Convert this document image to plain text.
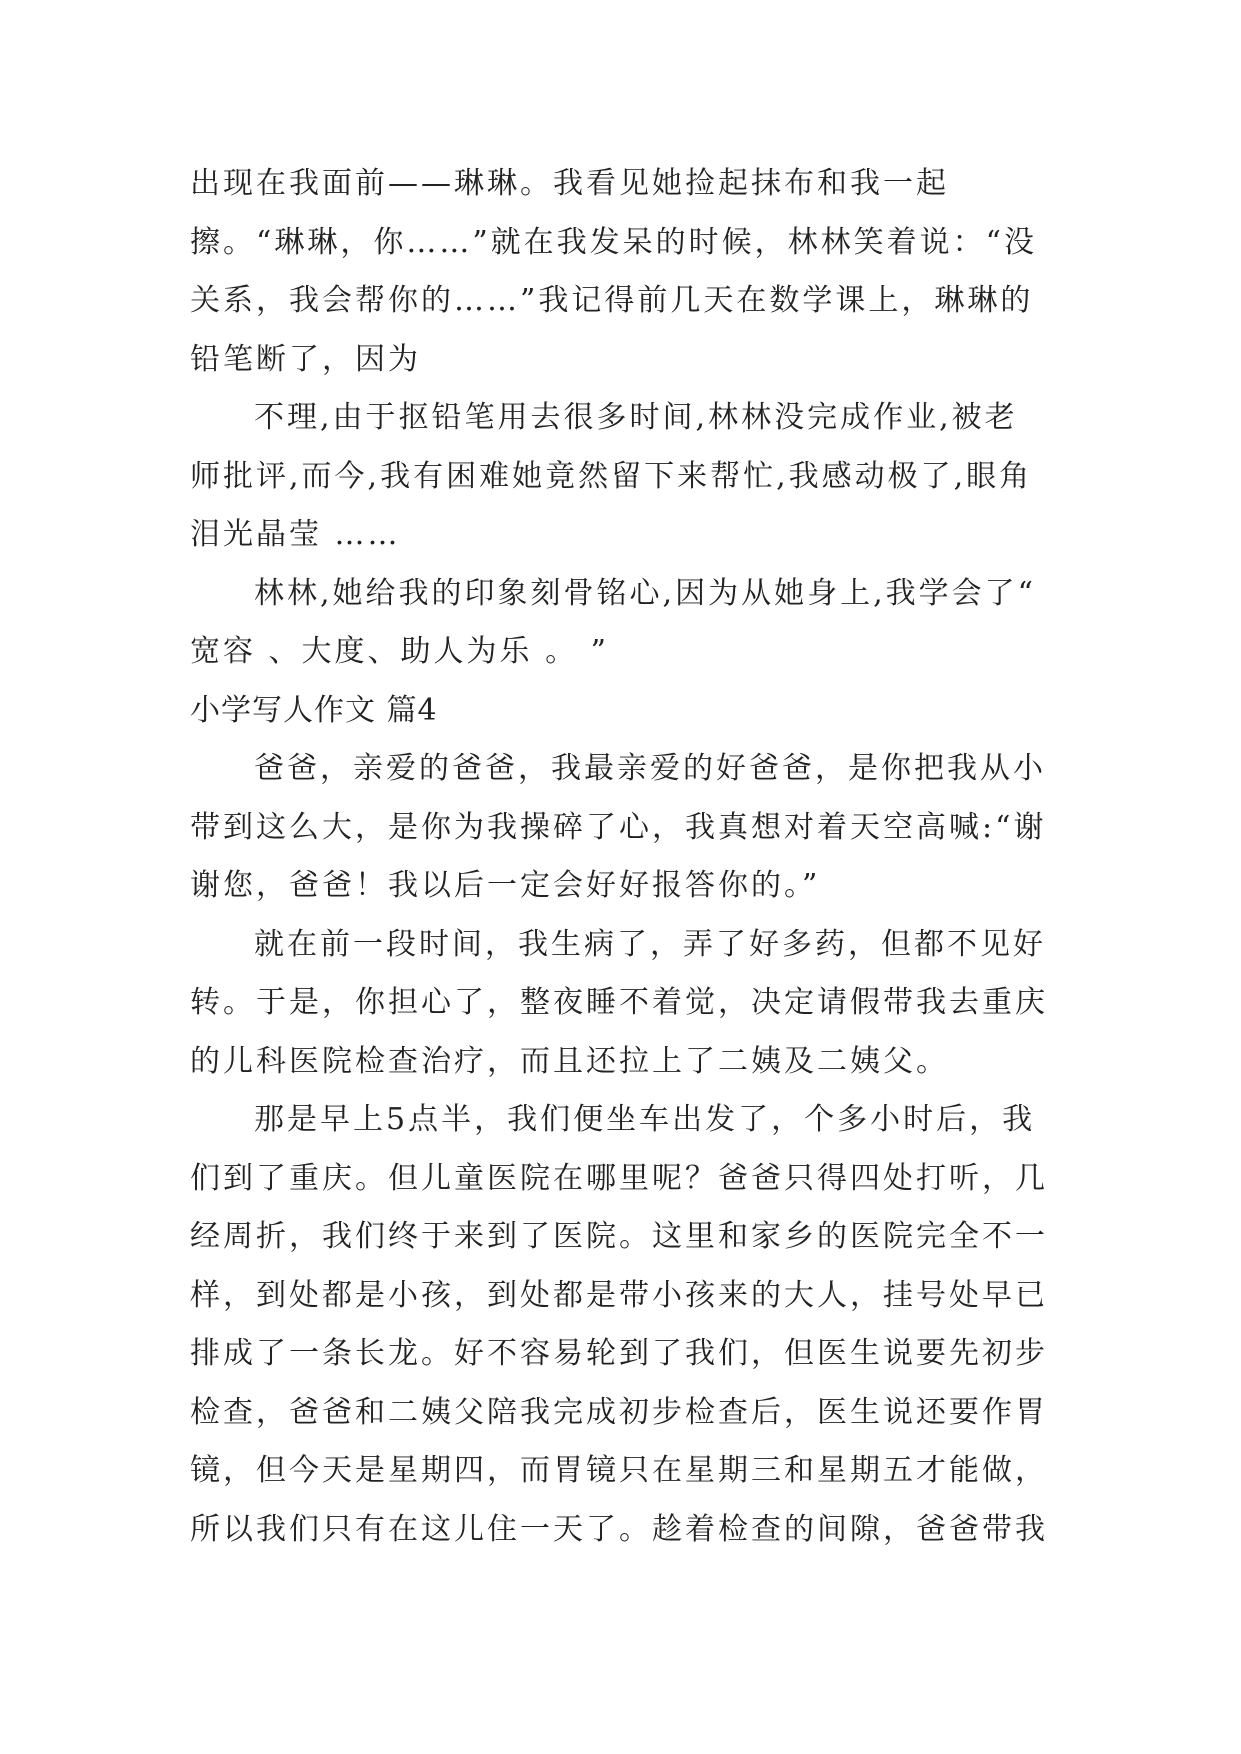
出现在我面前——琳琳。我看见她捡起抹布和我一起擦。“琳琳，你……”就在我发呆的时候，林林笑着说：“没关系，我会帮你的……”我记得前几天在数学课上，琳琳的铅笔断了，因为

不理,由于抠铅笔用去很多时间,林林没完成作业,被老师批评,而今,我有困难她竟然留下来帮忙,我感动极了,眼角泪光晶莹 ……

林林,她给我的印象刻骨铭心,因为从她身上,我学会了“ 宽容 、大度、助人为乐 。 ”

小学写人作文 篇4

爸爸，亲爱的爸爸，我最亲爱的好爸爸，是你把我从小带到这么大，是你为我操碎了心，我真想对着天空高喊:“谢谢您，爸爸！我以后一定会好好报答你的。”

就在前一段时间，我生病了，弄了好多药，但都不见好转。于是，你担心了，整夜睡不着觉，决定请假带我去重庆的儿科医院检查治疗，而且还拉上了二姨及二姨父。

那是早上5点半，我们便坐车出发了，个多小时后，我们到了重庆。但儿童医院在哪里呢？爸爸只得四处打听，几经周折，我们终于来到了医院。这里和家乡的医院完全不一样，到处都是小孩，到处都是带小孩来的大人，挂号处早已排成了一条长龙。好不容易轮到了我们，但医生说要先初步检查，爸爸和二姨父陪我完成初步检查后，医生说还要作胃镜，但今天是星期四，而胃镜只在星期三和星期五才能做，所以我们只有在这儿住一天了。趁着检查的间隙，爸爸带我
